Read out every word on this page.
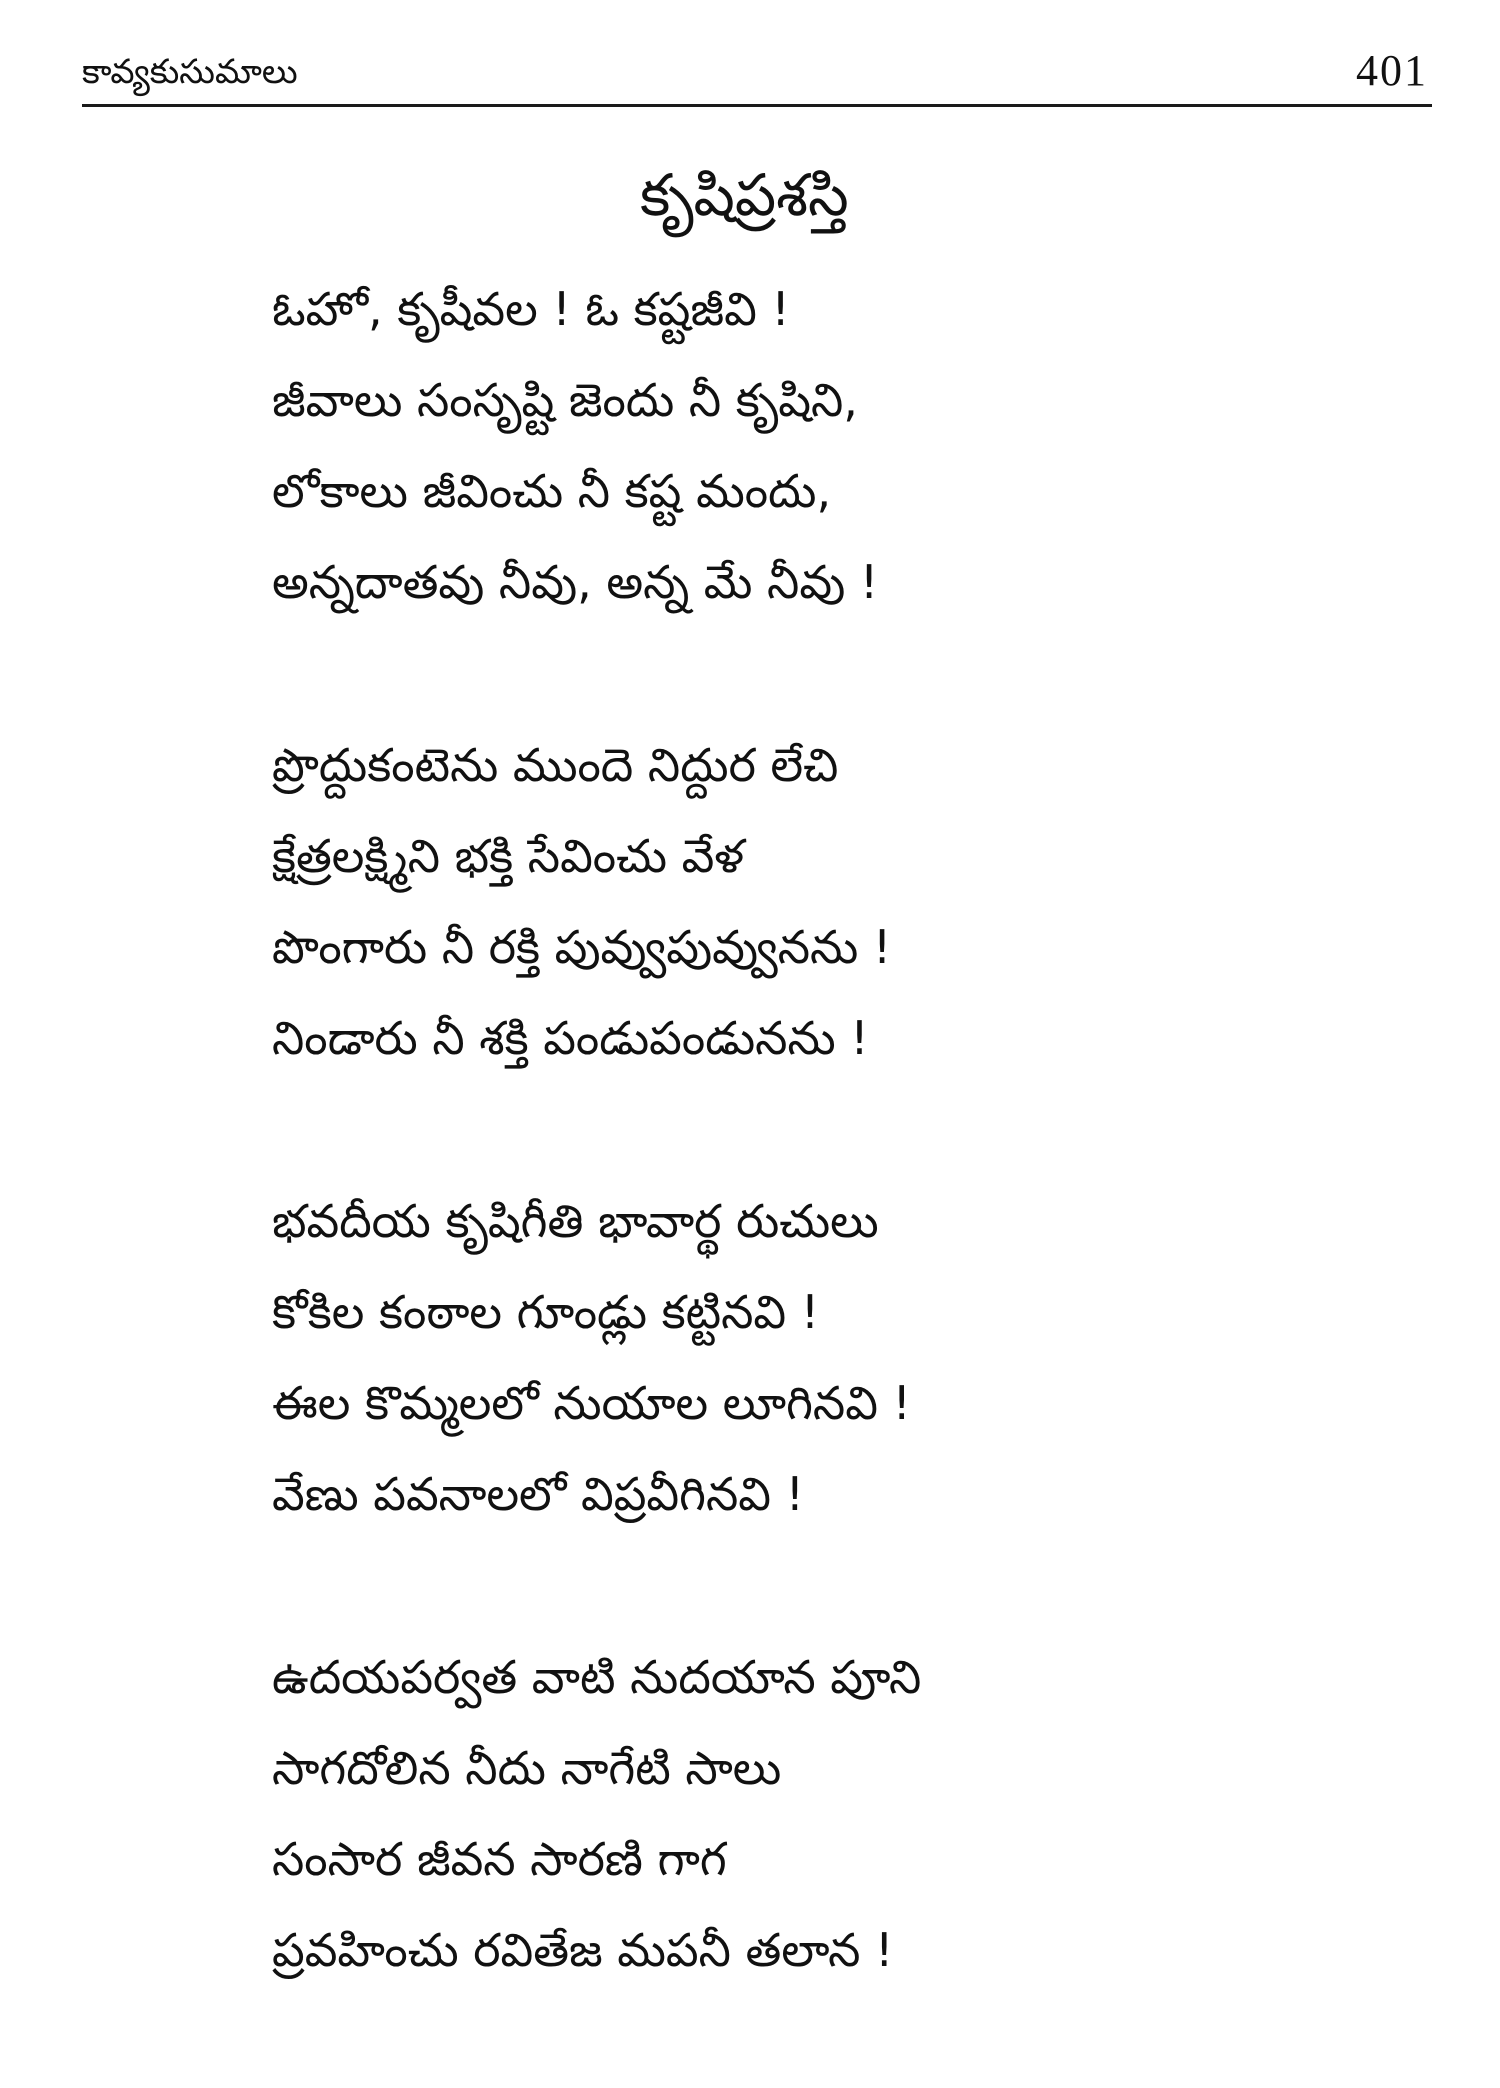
కావ్యకుసుమాలు	401
కృషిప్రశస్తి
ఓహో, కృషీవల ! ఓ కష్టజీవి !
జీవాలు సంసృష్టి జెందు నీ కృషిని,
లోకాలు జీవించు నీ కష్ట మందు,
అన్నదాతవు నీవు, అన్న మే నీవు !
ప్రొద్దుకంటెను ముందె నిద్దుర లేచి
క్షేత్రలక్ష్మిని భక్తి సేవించు వేళ
పొంగారు నీ రక్తి పువ్వుపువ్వునను !
నిండారు నీ శక్తి పండుపండునను !
భవదీయ కృషిగీతి భావార్థ రుచులు
కోకిల కంఠాల గూండ్లు కట్టినవి !
ఈల కొమ్మలలో నుయాల లూగినవి !
వేణు పవనాలలో విప్రవీగినవి !
ఉదయపర్వత వాటి నుదయాన పూని
సాగదోలిన నీదు నాగేటి సాలు
సంసార జీవన సారణి గాగ
ప్రవహించు రవితేజ మపనీ తలాన !
